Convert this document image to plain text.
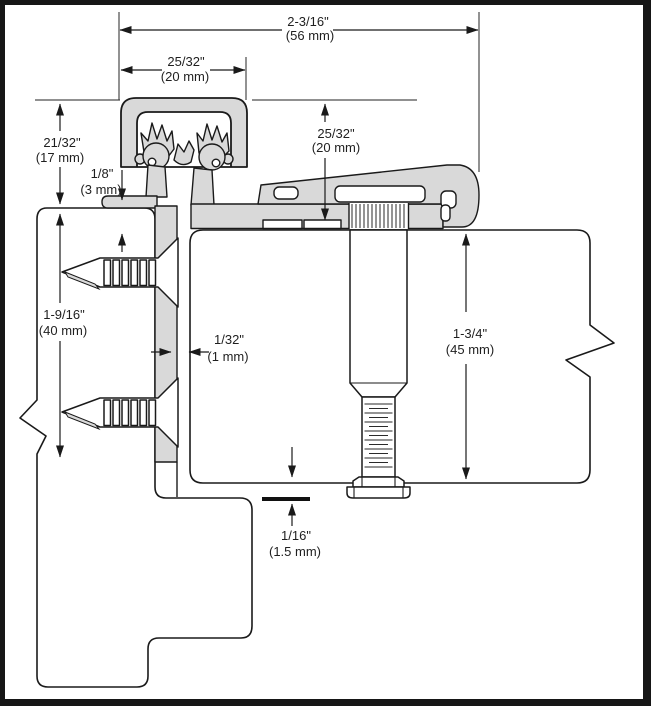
2-3/16"
(56 mm)
25/32"
(20 mm)
21/32"
(17 mm)
1/8"
(3 mm)
25/32"
(20 mm)
1-9/16"
(40 mm)
1/32"
(1 mm)
1-3/4"
(45 mm)
1/16"
(1.5 mm)
